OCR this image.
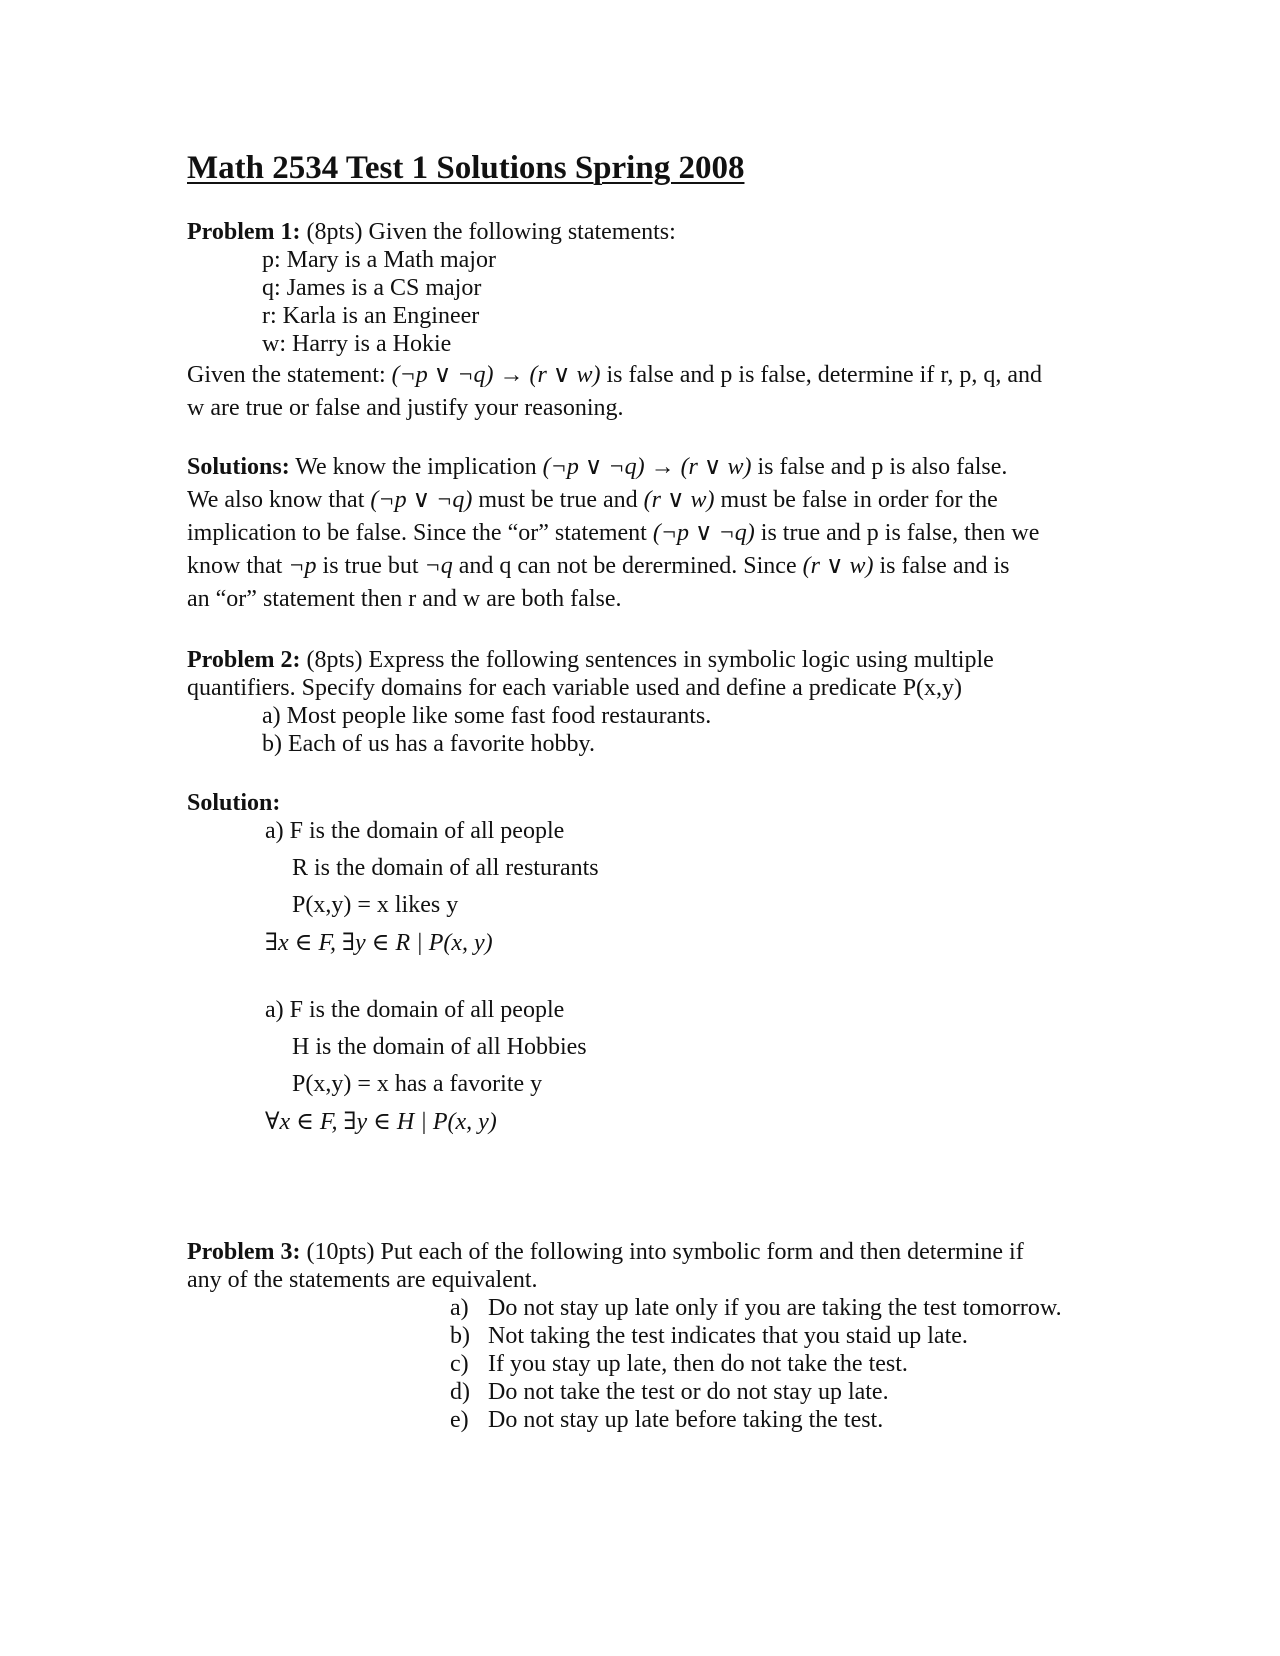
Math 2534 Test 1 Solutions Spring 2008
Problem 1: (8pts) Given the following statements:
p: Mary is a Math major
q: James is a CS major
r: Karla is an Engineer
w: Harry is a Hokie
Given the statement: (¬p ∨ ¬q) → (r ∨ w) is false and p is false, determine if r, p, q, and
w are true or false and justify your reasoning.
Solutions: We know the implication (¬p ∨ ¬q) → (r ∨ w) is false and p is also false.
We also know that (¬p ∨ ¬q) must be true and (r ∨ w) must be false in order for the
implication to be false. Since the “or” statement (¬p ∨ ¬q) is true and p is false, then we
know that ¬p is true but ¬q and q can not be derermined. Since (r ∨ w) is false and is
an “or” statement then r and w are both false.
Problem 2: (8pts) Express the following sentences in symbolic logic using multiple
quantifiers. Specify domains for each variable used and define a predicate P(x,y)
a) Most people like some fast food restaurants.
b) Each of us has a favorite hobby.
Solution:
a) F is the domain of all people
R is the domain of all resturants
P(x,y) = x likes y
∃x ∈ F, ∃y ∈ R | P(x, y)
a) F is the domain of all people
H is the domain of all Hobbies
P(x,y) = x has a favorite y
∀x ∈ F, ∃y ∈ H | P(x, y)
Problem 3: (10pts) Put each of the following into symbolic form and then determine if
any of the statements are equivalent.
a) Do not stay up late only if you are taking the test tomorrow.
b) Not taking the test indicates that you staid up late.
c) If you stay up late, then do not take the test.
d) Do not take the test or do not stay up late.
e) Do not stay up late before taking the test.
